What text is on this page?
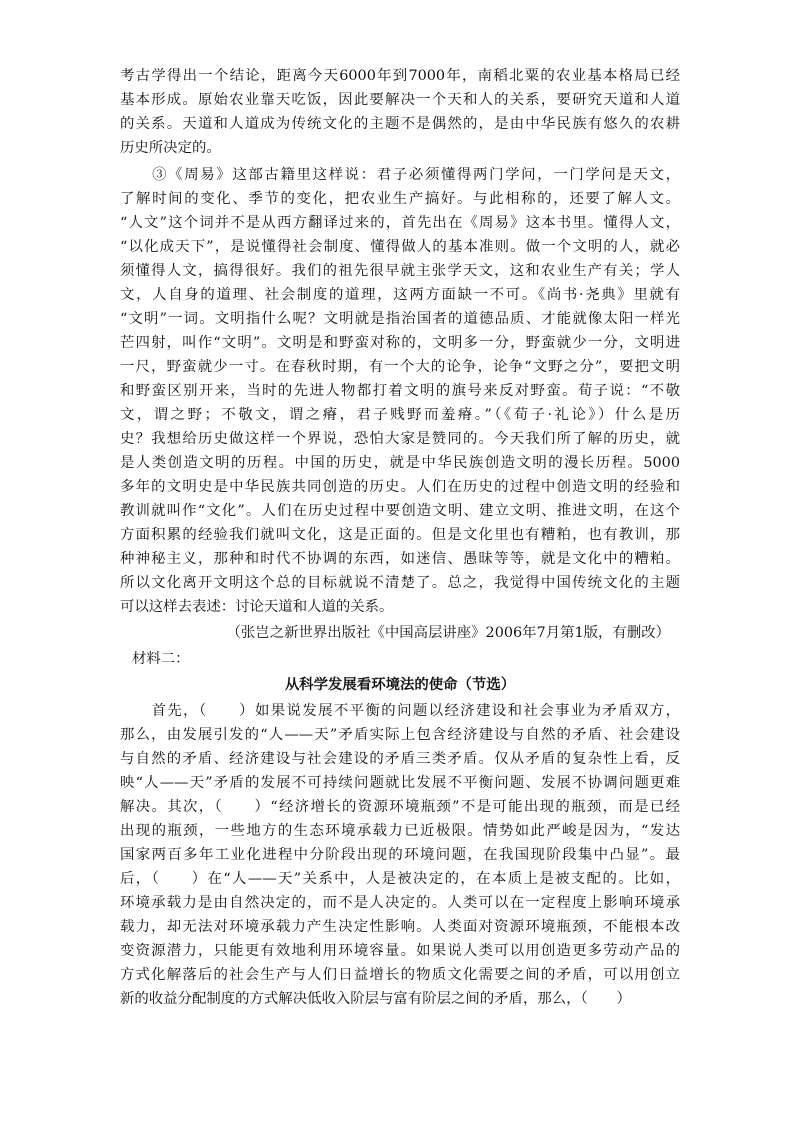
考古学得出一个结论，距离今天6000年到7000年，南稻北粟的农业基本格局已经
基本形成。原始农业靠天吃饭，因此要解决一个天和人的关系，要研究天道和人道
的关系。天道和人道成为传统文化的主题不是偶然的，是由中华民族有悠久的农耕
历史所决定的。
　　③《周易》这部古籍里这样说：君子必须懂得两门学问，一门学问是天文，
了解时间的变化、季节的变化，把农业生产搞好。与此相称的，还要了解人文。
“人文”这个词并不是从西方翻译过来的，首先出在《周易》这本书里。懂得人文，
“以化成天下”，是说懂得社会制度、懂得做人的基本准则。做一个文明的人，就必
须懂得人文，搞得很好。我们的祖先很早就主张学天文，这和农业生产有关；学人
文，人自身的道理、社会制度的道理，这两方面缺一不可。《尚书·尧典》里就有
“文明”一词。文明指什么呢？文明就是指治国者的道德品质、才能就像太阳一样光
芒四射，叫作“文明”。文明是和野蛮对称的，文明多一分，野蛮就少一分，文明进
一尺，野蛮就少一寸。在春秋时期，有一个大的论争，论争“文野之分”，要把文明
和野蛮区别开来，当时的先进人物都打着文明的旗号来反对野蛮。荀子说：“不敬
文，谓之野；不敬文，谓之瘠，君子贱野而羞瘠。”（《荀子·礼论》）什么是历
史？我想给历史做这样一个界说，恐怕大家是赞同的。今天我们所了解的历史，就
是人类创造文明的历程。中国的历史，就是中华民族创造文明的漫长历程。5000
多年的文明史是中华民族共同创造的历史。人们在历史的过程中创造文明的经验和
教训就叫作“文化”。人们在历史过程中要创造文明、建立文明、推进文明，在这个
方面积累的经验我们就叫文化，这是正面的。但是文化里也有糟粕，也有教训，那
种神秘主义，那种和时代不协调的东西，如迷信、愚昧等等，就是文化中的糟粕。
所以文化离开文明这个总的目标就说不清楚了。总之，我觉得中国传统文化的主题
可以这样去表述：讨论天道和人道的关系。
（张岂之新世界出版社《中国高层讲座》2006年7月第1版，有删改）
材料二：
从科学发展看环境法的使命（节选）
　　首先，（　　）如果说发展不平衡的问题以经济建设和社会事业为矛盾双方，
那么，由发展引发的“人——天”矛盾实际上包含经济建设与自然的矛盾、社会建设
与自然的矛盾、经济建设与社会建设的矛盾三类矛盾。仅从矛盾的复杂性上看，反
映“人——天”矛盾的发展不可持续问题就比发展不平衡问题、发展不协调问题更难
解决。其次，（　　）“经济增长的资源环境瓶颈”不是可能出现的瓶颈，而是已经
出现的瓶颈，一些地方的生态环境承载力已近极限。情势如此严峻是因为，“发达
国家两百多年工业化进程中分阶段出现的环境问题，在我国现阶段集中凸显”。最
后，（　　）在“人——天”关系中，人是被决定的，在本质上是被支配的。比如，
环境承载力是由自然决定的，而不是人决定的。人类可以在一定程度上影响环境承
载力，却无法对环境承载力产生决定性影响。人类面对资源环境瓶颈，不能根本改
变资源潜力，只能更有效地利用环境容量。如果说人类可以用创造更多劳动产品的
方式化解落后的社会生产与人们日益增长的物质文化需要之间的矛盾，可以用创立
新的收益分配制度的方式解决低收入阶层与富有阶层之间的矛盾，那么，（　　）
